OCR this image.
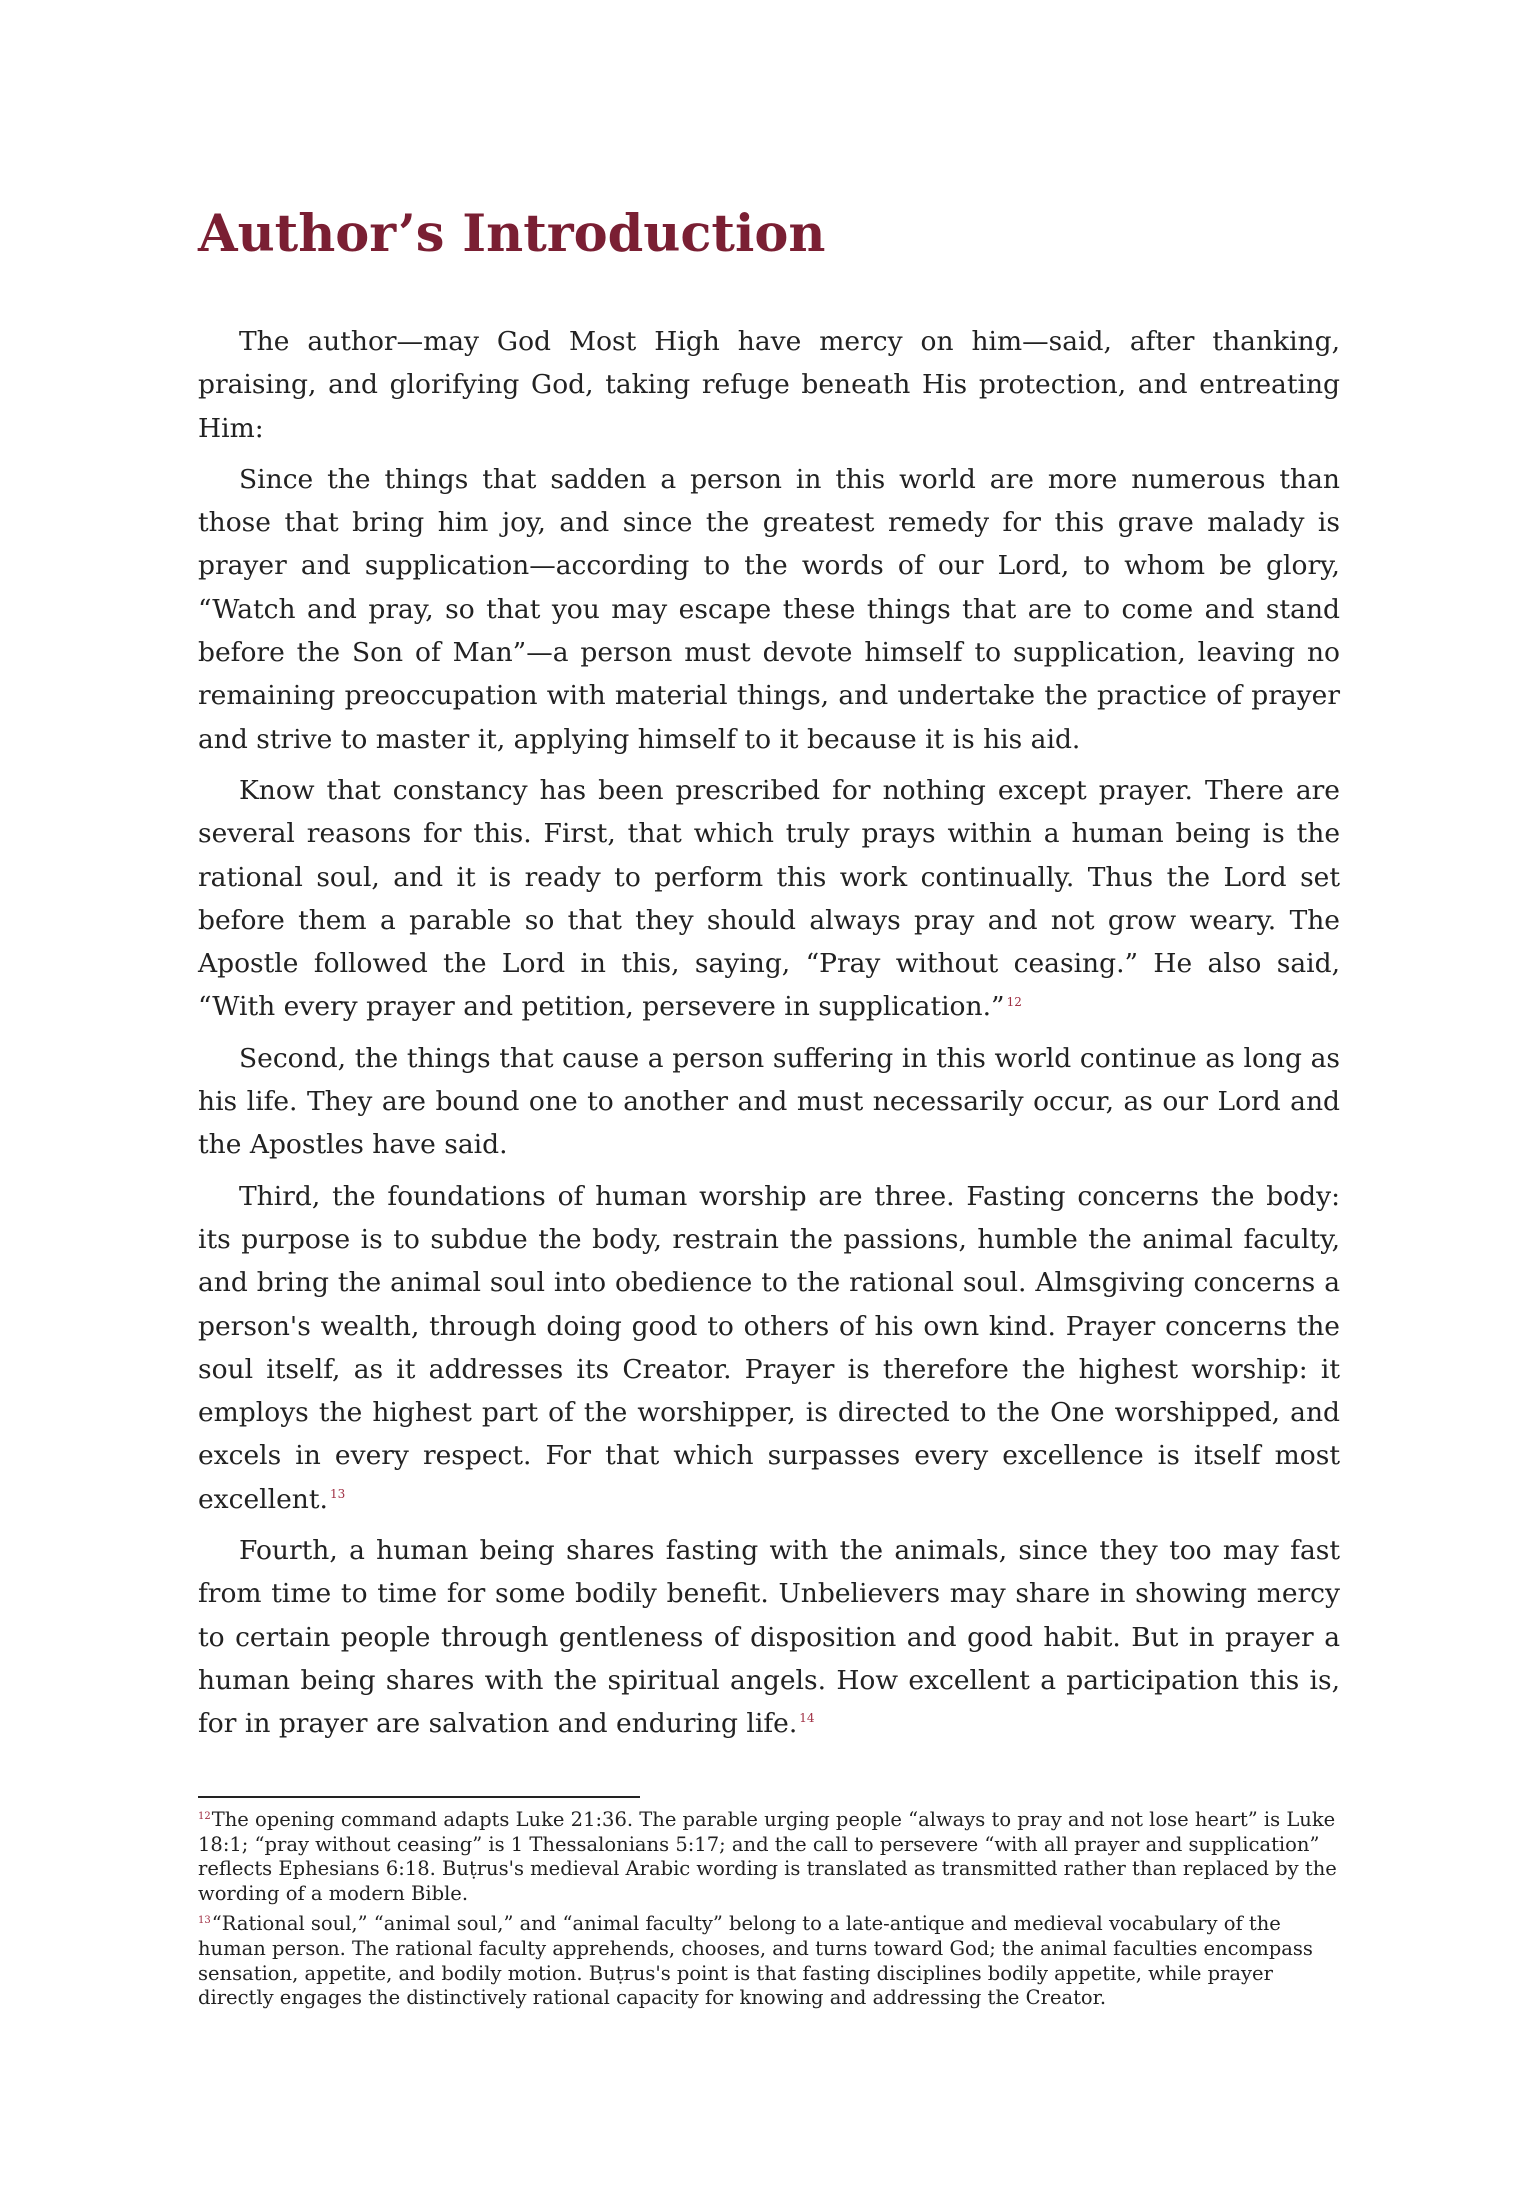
Author’s Introduction

The author—may God Most High have mercy on him—said, after thanking, praising, and glorifying God, taking refuge beneath His protection, and entreating Him:

Since the things that sadden a person in this world are more numerous than those that bring him joy, and since the greatest remedy for this grave malady is prayer and supplication—according to the words of our Lord, to whom be glory, “Watch and pray, so that you may escape these things that are to come and stand before the Son of Man”—a person must devote himself to supplication, leaving no remaining preoccupation with material things, and undertake the practice of prayer and strive to master it, applying himself to it because it is his aid.

Know that constancy has been prescribed for nothing except prayer. There are several reasons for this. First, that which truly prays within a human being is the rational soul, and it is ready to perform this work continually. Thus the Lord set before them a parable so that they should always pray and not grow weary. The Apostle followed the Lord in this, saying, “Pray without ceasing.” He also said, “With every prayer and petition, persevere in supplication.” $^{12}$

Second, the things that cause a person suffering in this world continue as long as his life. They are bound one to another and must necessarily occur, as our Lord and the Apostles have said.

Third, the foundations of human worship are three. Fasting concerns the body: its purpose is to subdue the body, restrain the passions, humble the animal faculty, and bring the animal soul into obedience to the rational soul. Almsgiving concerns a person's wealth, through doing good to others of his own kind. Prayer concerns the soul itself, as it addresses its Creator. Prayer is therefore the highest worship: it employs the highest part of the worshipper, is directed to the One worshipped, and excels in every respect. For that which surpasses every excellence is itself most excellent. $^{13}$

Fourth, a human being shares fasting with the animals, since they too may fast from time to time for some bodily benefit. Unbelievers may share in showing mercy to certain people through gentleness of disposition and good habit. But in prayer a human being shares with the spiritual angels. How excellent a participation this is, for in prayer are salvation and enduring life. $^{14}$

$^{12}$The opening command adapts Luke 21:36. The parable urging people “always to pray and not lose heart” is Luke 18:1; “pray without ceasing” is 1 Thessalonians 5:17; and the call to persevere “with all prayer and supplication” reflects Ephesians 6:18. Buṭrus's medieval Arabic wording is translated as transmitted rather than replaced by the wording of a modern Bible.

$^{13}$“Rational soul,” “animal soul,” and “animal faculty” belong to a late-antique and medieval vocabulary of the human person. The rational faculty apprehends, chooses, and turns toward God; the animal faculties encompass sensation, appetite, and bodily motion. Buṭrus's point is that fasting disciplines bodily appetite, while prayer directly engages the distinctively rational capacity for knowing and addressing the Creator.
